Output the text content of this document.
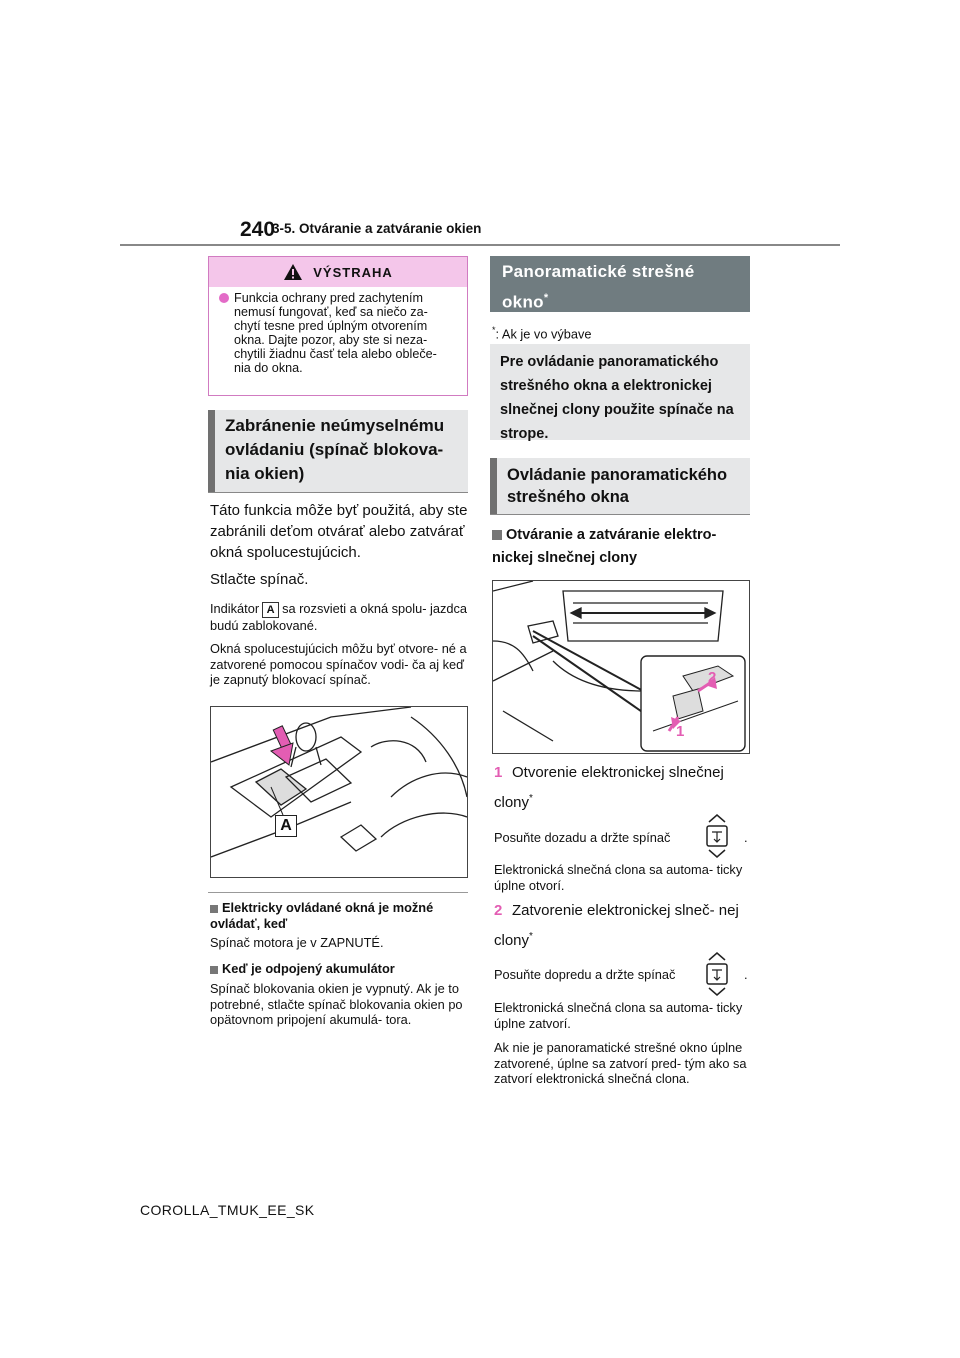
240
3-5. Otváranie a zatváranie okien
VÝSTRAHA
Funkcia ochrany pred zachytením nemusí fungovať, keď sa niečo za- chytí tesne pred úplným otvorením okna. Dajte pozor, aby ste si neza- chytili žiadnu časť tela alebo obleče- nia do okna.
Zabránenie neúmyselnému ovládaniu (spínač blokova- nia okien)
Táto funkcia môže byť použitá, aby ste zabránili deťom otvárať alebo zatvárať okná spolucestujúcich.
Stlačte spínač.
Indikátor A sa rozsvieti a okná spolu- jazdca budú zablokované.
Okná spolucestujúcich môžu byť otvore- né a zatvorené pomocou spínačov vodi- ča aj keď je zapnutý blokovací spínač.
A
Elektricky ovládané okná je možné ovládať, keď
Spínač motora je v ZAPNUTÉ.
Keď je odpojený akumulátor
Spínač blokovania okien je vypnutý. Ak je to potrebné, stlačte spínač blokovania okien po opätovnom pripojení akumulá- tora.
Panoramatické strešné okno*
*: Ak je vo výbave
Pre ovládanie panoramatického strešného okna a elektronickej slnečnej clony použite spínače na strope.
Ovládanie panoramatického strešného okna
Otváranie a zatváranie elektro- nickej slnečnej clony
2
1
1 Otvorenie elektronickej slnečnej clony*
Posuňte dozadu a držte spínač	.
Elektronická slnečná clona sa automa- ticky úplne otvorí.
2 Zatvorenie elektronickej slneč- nej clony*
Posuňte dopredu a držte spínač	.
Elektronická slnečná clona sa automa- ticky úplne zatvorí.
Ak nie je panoramatické strešné okno úplne zatvorené, úplne sa zatvorí pred- tým ako sa zatvorí elektronická slnečná clona.
COROLLA_TMUK_EE_SK
